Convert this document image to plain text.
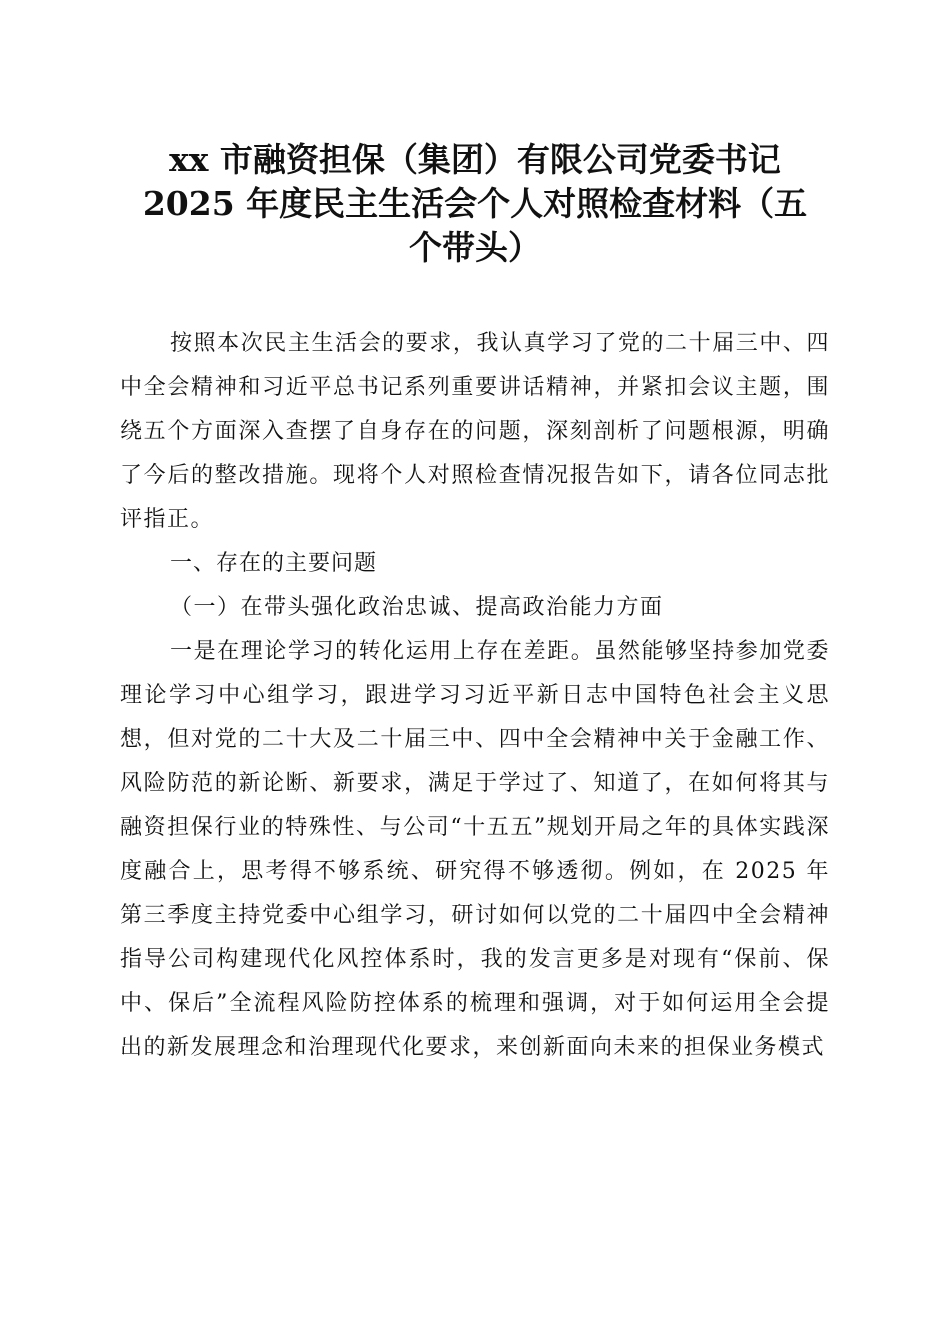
xx 市融资担保（集团）有限公司党委书记
2025 年度民主生活会个人对照检查材料（五
个带头）

按照本次民主生活会的要求，我认真学习了党的二十届三中、四中全会精神和习近平总书记系列重要讲话精神，并紧扣会议主题，围绕五个方面深入查摆了自身存在的问题，深刻剖析了问题根源，明确了今后的整改措施。现将个人对照检查情况报告如下，请各位同志批评指正。

一、存在的主要问题

（一）在带头强化政治忠诚、提高政治能力方面

一是在理论学习的转化运用上存在差距。虽然能够坚持参加党委理论学习中心组学习，跟进学习习近平新日志中国特色社会主义思想，但对党的二十大及二十届三中、四中全会精神中关于金融工作、风险防范的新论断、新要求，满足于学过了、知道了，在如何将其与融资担保行业的特殊性、与公司“十五五”规划开局之年的具体实践深度融合上，思考得不够系统、研究得不够透彻。例如，在 2025 年第三季度主持党委中心组学习，研讨如何以党的二十届四中全会精神指导公司构建现代化风控体系时，我的发言更多是对现有“保前、保中、保后”全流程风险防控体系的梳理和强调，对于如何运用全会提出的新发展理念和治理现代化要求，来创新面向未来的担保业务模式
